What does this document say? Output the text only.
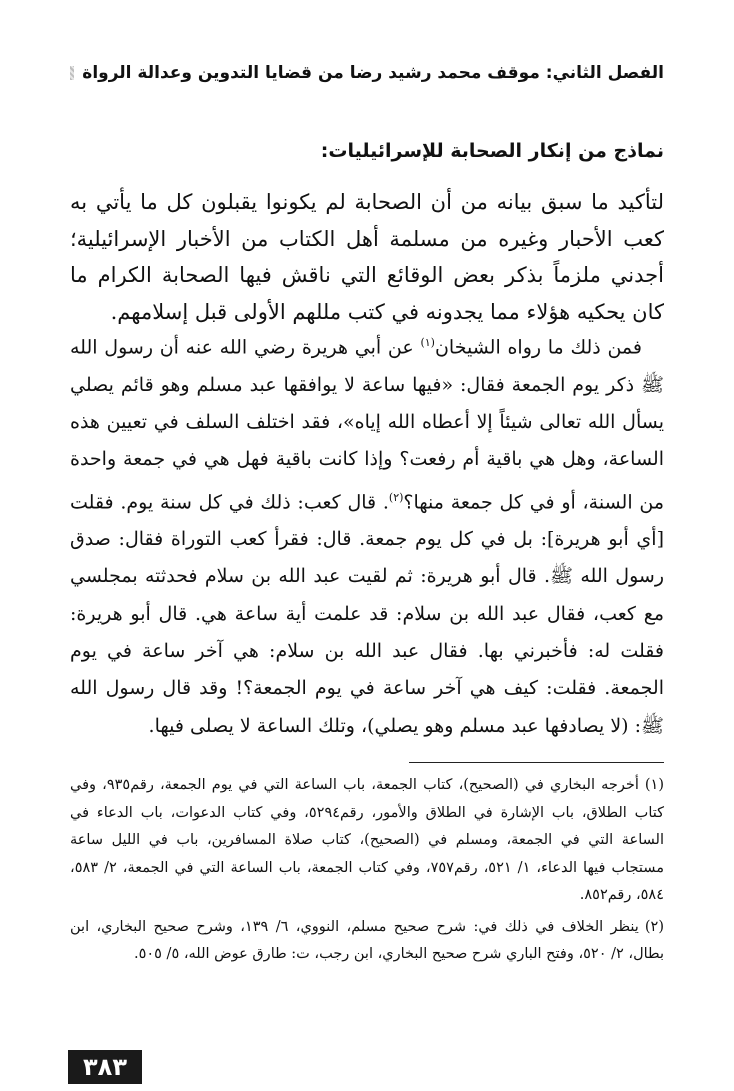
الفصل الثاني: موقف محمد رشيد رضا من قضايا التدوين وعدالة الرواة
نماذج من إنكار الصحابة للإسرائيليات:

لتأكيد ما سبق بيانه من أن الصحابة لم يكونوا يقبلون كل ما يأتي به كعب الأحبار وغيره من مسلمة أهل الكتاب من الأخبار الإسرائيلية؛ أجدني ملزماً بذكر بعض الوقائع التي ناقش فيها الصحابة الكرام ما كان يحكيه هؤلاء مما يجدونه في كتب مللهم الأولى قبل إسلامهم.

فمن ذلك ما رواه الشيخان$^{(١)}$ عن أبي هريرة رضي الله عنه أن رسول الله ﷺ ذكر يوم الجمعة فقال: «فيها ساعة لا يوافقها عبد مسلم وهو قائم يصلي يسأل الله تعالى شيئاً إلا أعطاه الله إياه»، فقد اختلف السلف في تعيين هذه الساعة، وهل هي باقية أم رفعت؟ وإذا كانت باقية فهل هي في جمعة واحدة من السنة، أو في كل جمعة منها؟$^{(٢)}$. قال كعب: ذلك في كل سنة يوم. فقلت [أي أبو هريرة]: بل في كل يوم جمعة. قال: فقرأ كعب التوراة فقال: صدق رسول الله ﷺ. قال أبو هريرة: ثم لقيت عبد الله بن سلام فحدثته بمجلسي مع كعب، فقال عبد الله بن سلام: قد علمت أية ساعة هي. قال أبو هريرة: فقلت له: فأخبرني بها. فقال عبد الله بن سلام: هي آخر ساعة في يوم الجمعة. فقلت: كيف هي آخر ساعة في يوم الجمعة؟! وقد قال رسول الله ﷺ: (لا يصادفها عبد مسلم وهو يصلي)، وتلك الساعة لا يصلى فيها.

(١)أخرجه البخاري في (الصحيح)، كتاب الجمعة، باب الساعة التي في يوم الجمعة، رقم٩٣٥، وفي كتاب الطلاق، باب الإشارة في الطلاق والأمور، رقم٥٢٩٤، وفي كتاب الدعوات، باب الدعاء في الساعة التي في الجمعة، ومسلم في (الصحيح)، كتاب صلاة المسافرين، باب في الليل ساعة مستجاب فيها الدعاء، ١/ ٥٢١، رقم٧٥٧، وفي كتاب الجمعة، باب الساعة التي في الجمعة، ٢/ ٥٨٣، ٥٨٤، رقم٨٥٢.

(٢)ينظر الخلاف في ذلك في: شرح صحيح مسلم، النووي، ٦/ ١٣٩، وشرح صحيح البخاري، ابن بطال، ٢/ ٥٢٠، وفتح الباري شرح صحيح البخاري، ابن رجب، ت: طارق عوض الله، ٥/ ٥٠٥.

٣٨٣
